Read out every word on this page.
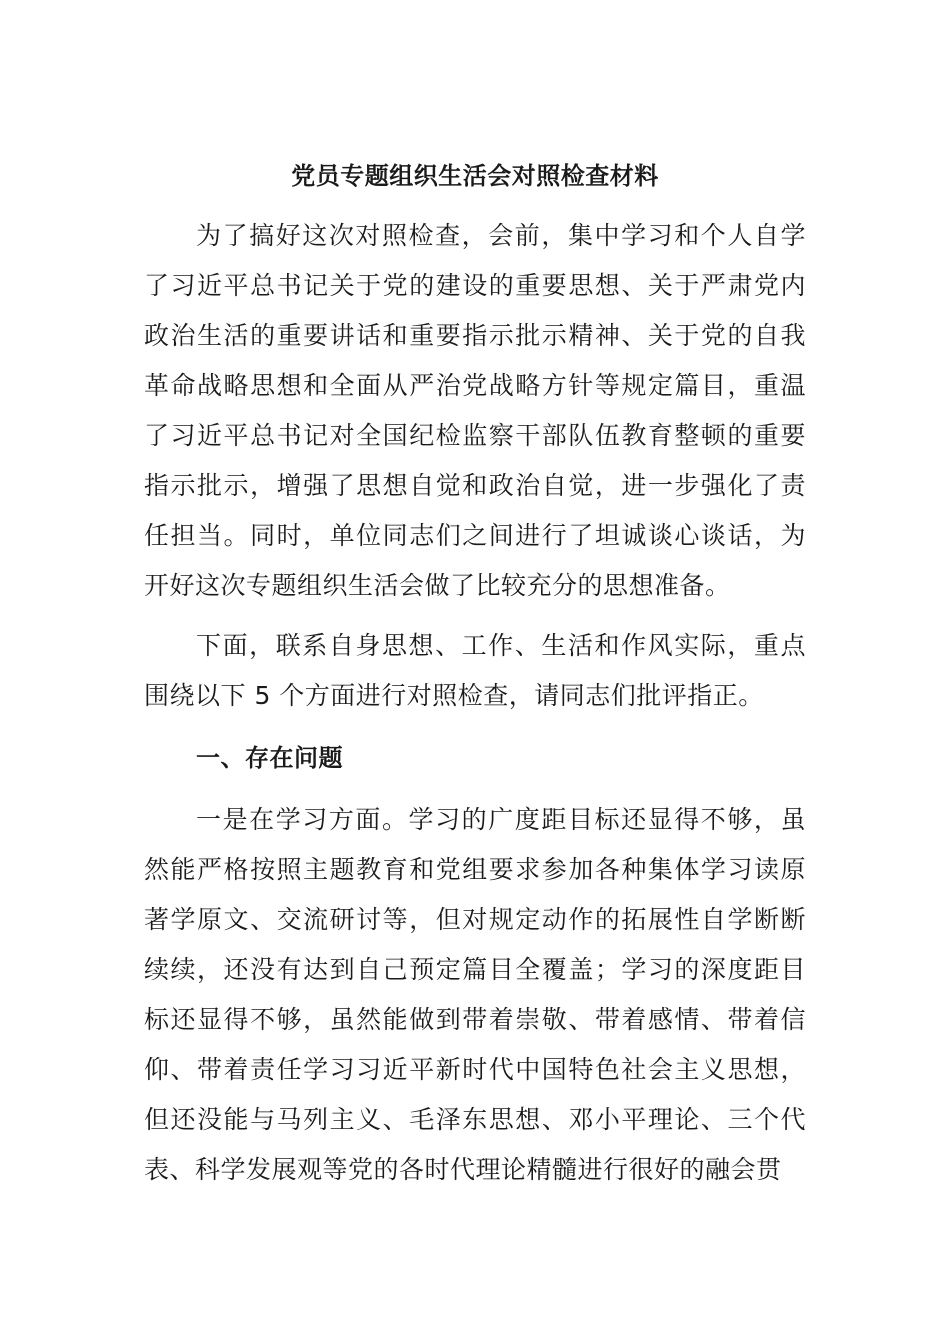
党员专题组织生活会对照检查材料
为了搞好这次对照检查，会前，集中学习和个人自学了习近平总书记关于党的建设的重要思想、关于严肃党内政治生活的重要讲话和重要指示批示精神、关于党的自我革命战略思想和全面从严治党战略方针等规定篇目，重温了习近平总书记对全国纪检监察干部队伍教育整顿的重要指示批示，增强了思想自觉和政治自觉，进一步强化了责任担当。同时，单位同志们之间进行了坦诚谈心谈话，为开好这次专题组织生活会做了比较充分的思想准备。
下面，联系自身思想、工作、生活和作风实际，重点围绕以下 5 个方面进行对照检查，请同志们批评指正。
一、存在问题
一是在学习方面。学习的广度距目标还显得不够，虽然能严格按照主题教育和党组要求参加各种集体学习读原著学原文、交流研讨等，但对规定动作的拓展性自学断断续续，还没有达到自己预定篇目全覆盖；学习的深度距目标还显得不够，虽然能做到带着崇敬、带着感情、带着信仰、带着责任学习习近平新时代中国特色社会主义思想，但还没能与马列主义、毛泽东思想、邓小平理论、三个代表、科学发展观等党的各时代理论精髓进行很好的融会贯
